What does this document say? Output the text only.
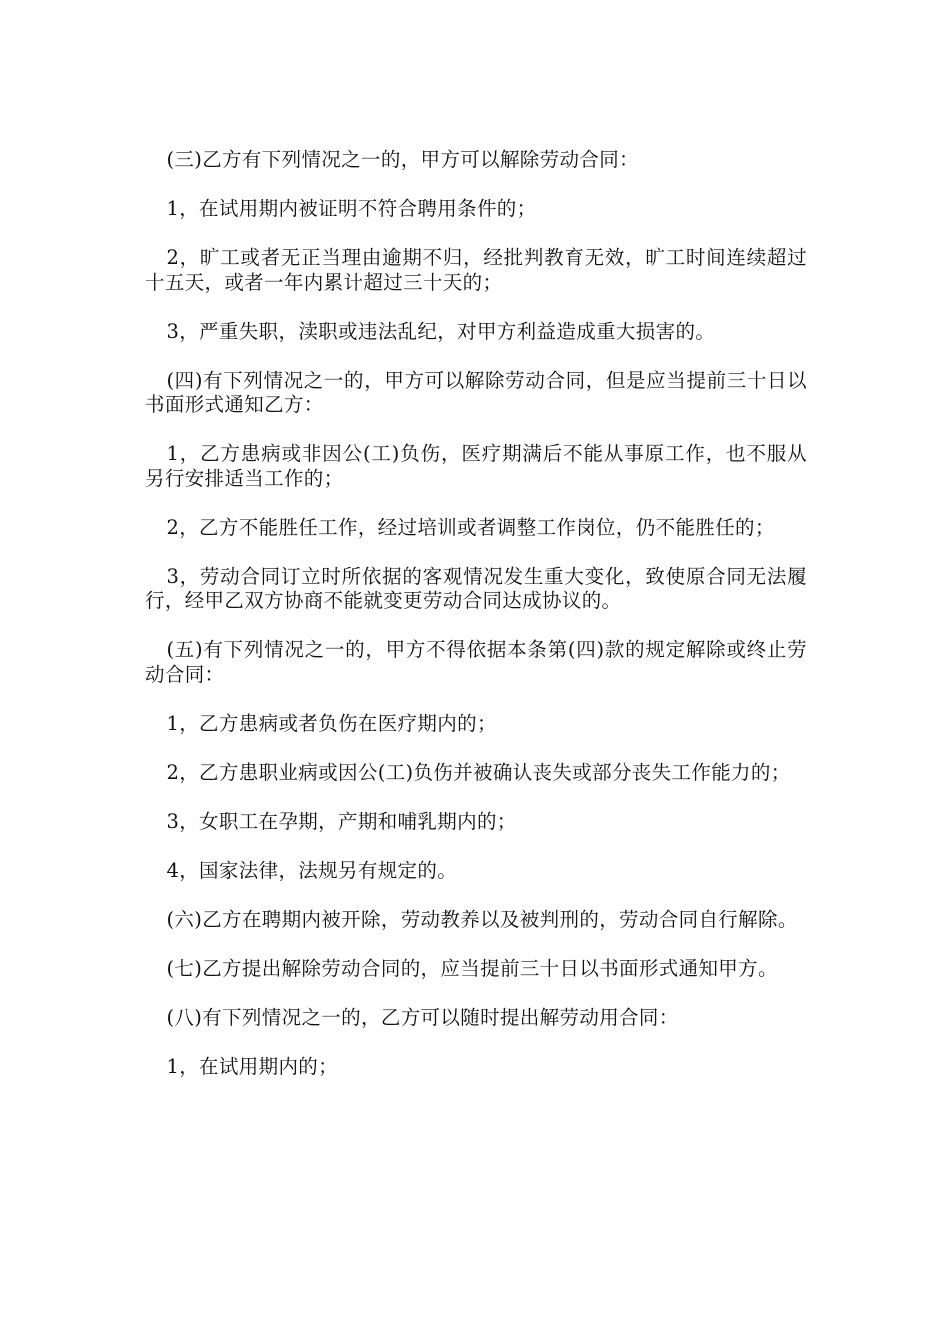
(三)乙方有下列情况之一的，甲方可以解除劳动合同：

1，在试用期内被证明不符合聘用条件的；

2，旷工或者无正当理由逾期不归，经批判教育无效，旷工时间连续超过十五天，或者一年内累计超过三十天的；

3，严重失职，渎职或违法乱纪，对甲方利益造成重大损害的。

(四)有下列情况之一的，甲方可以解除劳动合同，但是应当提前三十日以书面形式通知乙方：

1，乙方患病或非因公(工)负伤，医疗期满后不能从事原工作，也不服从另行安排适当工作的；

2，乙方不能胜任工作，经过培训或者调整工作岗位，仍不能胜任的；

3，劳动合同订立时所依据的客观情况发生重大变化，致使原合同无法履行，经甲乙双方协商不能就变更劳动合同达成协议的。

(五)有下列情况之一的，甲方不得依据本条第(四)款的规定解除或终止劳动合同：

1，乙方患病或者负伤在医疗期内的；

2，乙方患职业病或因公(工)负伤并被确认丧失或部分丧失工作能力的；

3，女职工在孕期，产期和哺乳期内的；

4，国家法律，法规另有规定的。

(六)乙方在聘期内被开除，劳动教养以及被判刑的，劳动合同自行解除。

(七)乙方提出解除劳动合同的，应当提前三十日以书面形式通知甲方。

(八)有下列情况之一的，乙方可以随时提出解劳动用合同：

1，在试用期内的；
